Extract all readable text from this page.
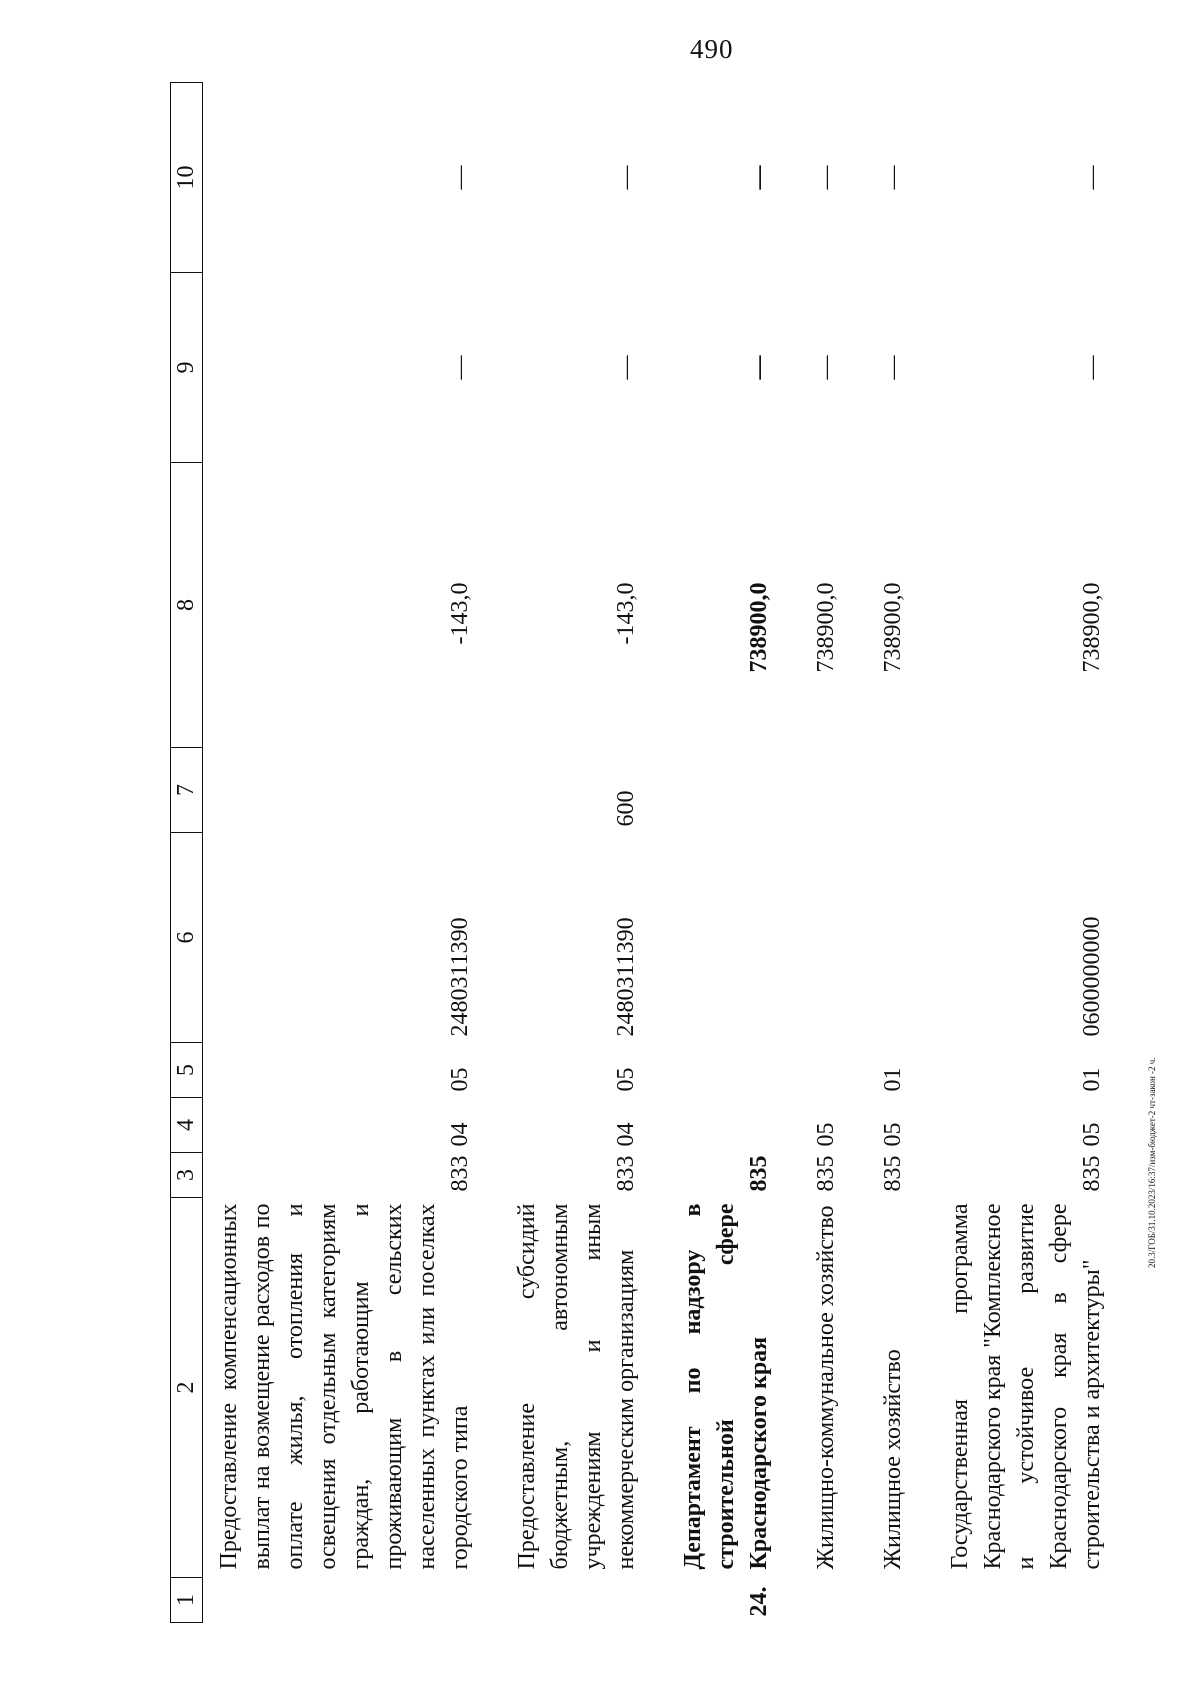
490
20.3/ГОБ/31.10.2023/16:37/изм-бюджет-2 чт-закон -2 ч.
1	2	3	4	5	6	7	8	9	10
	Предоставление компенсационных выплат на возмещение расходов по оплате жилья, отопления и освещения отдельным категориям граждан, работающим и проживающим в сельских населенных пунктах или поселках городского типа	833	04	05	2480311390		-143,0	—	—
	Предоставление субсидий бюджетным, автономным учреждениям и иным некоммерческим организациям	833	04	05	2480311390	600	-143,0	—	—
24.	Департамент по надзору в строительной сфере Краснодарского края	835					738900,0	—	—
	Жилищно-коммунальное хозяйство	835	05				738900,0	—	—
	Жилищное хозяйство	835	05	01			738900,0	—	—
	Государственная программа Краснодарского края "Комплексное и устойчивое развитие Краснодарского края в сфере строительства и архитектуры"	835	05	01	0600000000		738900,0	—	—
